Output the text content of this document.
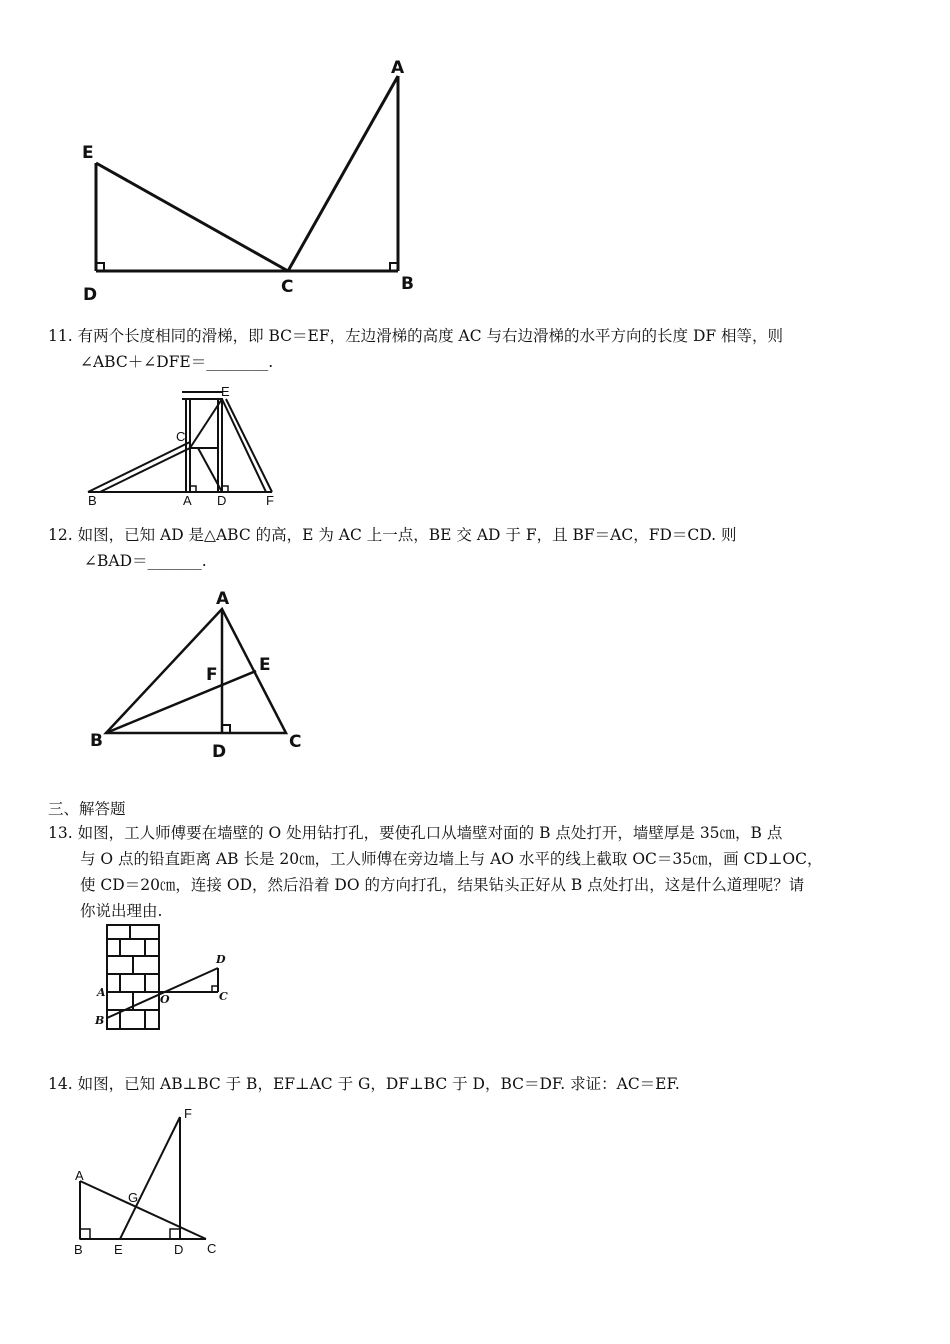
A
E
D	C	B
11. 有两个长度相同的滑梯，即 BC＝EF，左边滑梯的高度 AC 与右边滑梯的水平方向的长度 DF 相等，则
∠ABC＋∠DFE＝________.
E
C
B	A D	F
12. 如图，已知 AD 是△ABC 的高，E 为 AC 上一点，BE 交 AD 于 F，且 BF＝AC，FD＝CD. 则
∠BAD＝_______.
A
E
F
B
D	C
三、解答题
13. 如图，工人师傅要在墙壁的 O 处用钻打孔，要使孔口从墙壁对面的 B 点处打开，墙壁厚是 35㎝，B 点
与 O 点的铅直距离 AB 长是 20㎝，工人师傅在旁边墙上与 AO 水平的线上截取 OC＝35㎝，画 CD⊥OC，
使 CD＝20㎝，连接 OD，然后沿着 DO 的方向打孔，结果钻头正好从 B 点处打出，这是什么道理呢？请
你说出理由.
D
A
O	C
B
14. 如图，已知 AB⊥BC 于 B，EF⊥AC 于 G，DF⊥BC 于 D，BC＝DF. 求证：AC＝EF.
F
A
G
B E	D C
